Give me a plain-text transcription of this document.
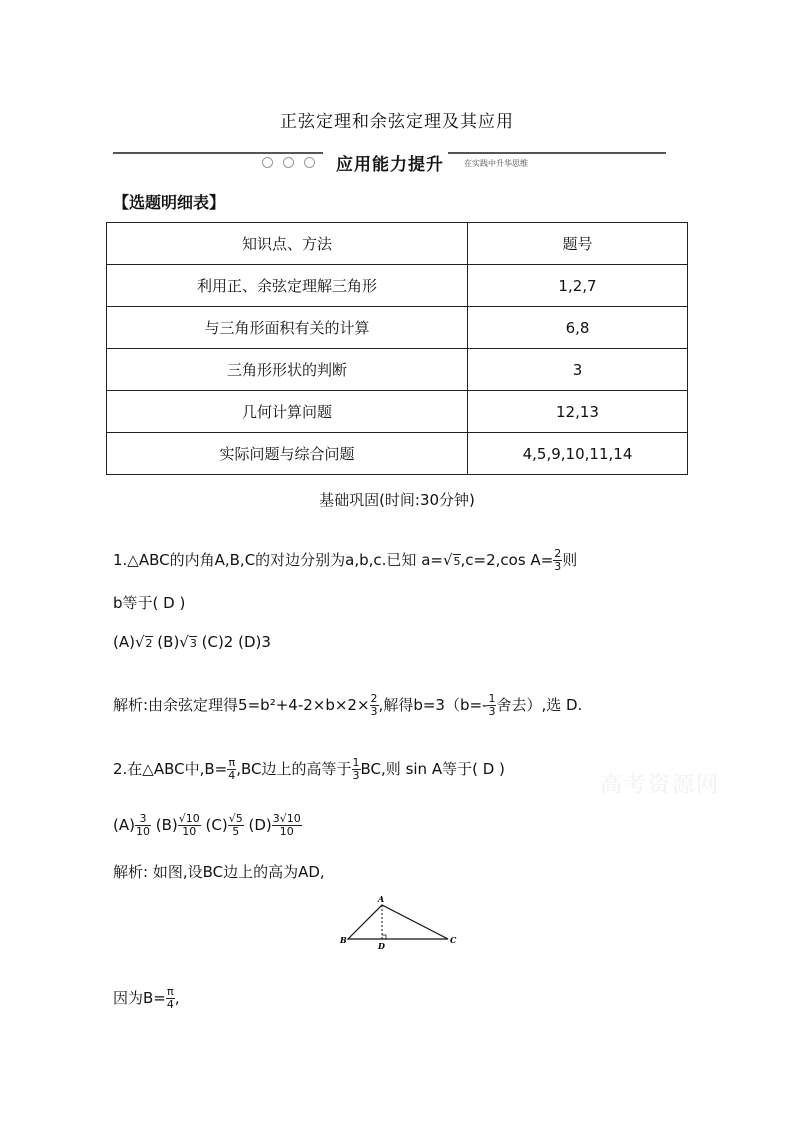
正弦定理和余弦定理及其应用
应用能力提升	在实践中升华思维
【选题明细表】
知识点、方法	题号
利用正、余弦定理解三角形	1,2,7
与三角形面积有关的计算	6,8
三角形形状的判断	3
几何计算问题	12,13
实际问题与综合问题	4,5,9,10,11,14
基础巩固(时间:30分钟)
1.△ABC的内角A,B,C的对边分别为a,b,c.已知 a=√5,c=2,cos $A= \frac{2}{3}$ 则
b等于( D )
(A)√2 (B)√3 (C)2 (D)3
解析:由余弦定理得$5=b^2+4-2\times b\times 2\times \frac{2}{3}$ ,解得$b=3(b=- \frac{1}{3}$ 舍去）,选 D.
2.在△ABC中$,B= \frac{\pi}{4} ,BC$边上的高等于 $\frac{1}{3}$ BC,则 sin A等于( D )
$(A) \frac{3}{10} (B) \frac{√10}{10} (C) \frac{√5}{5} (D) \frac{3√10}{10}$
解析: 如图,设BC边上的高为AD,
A
B	C
D
因为$B= \frac{\pi}{4}$ ,
高考资源网
